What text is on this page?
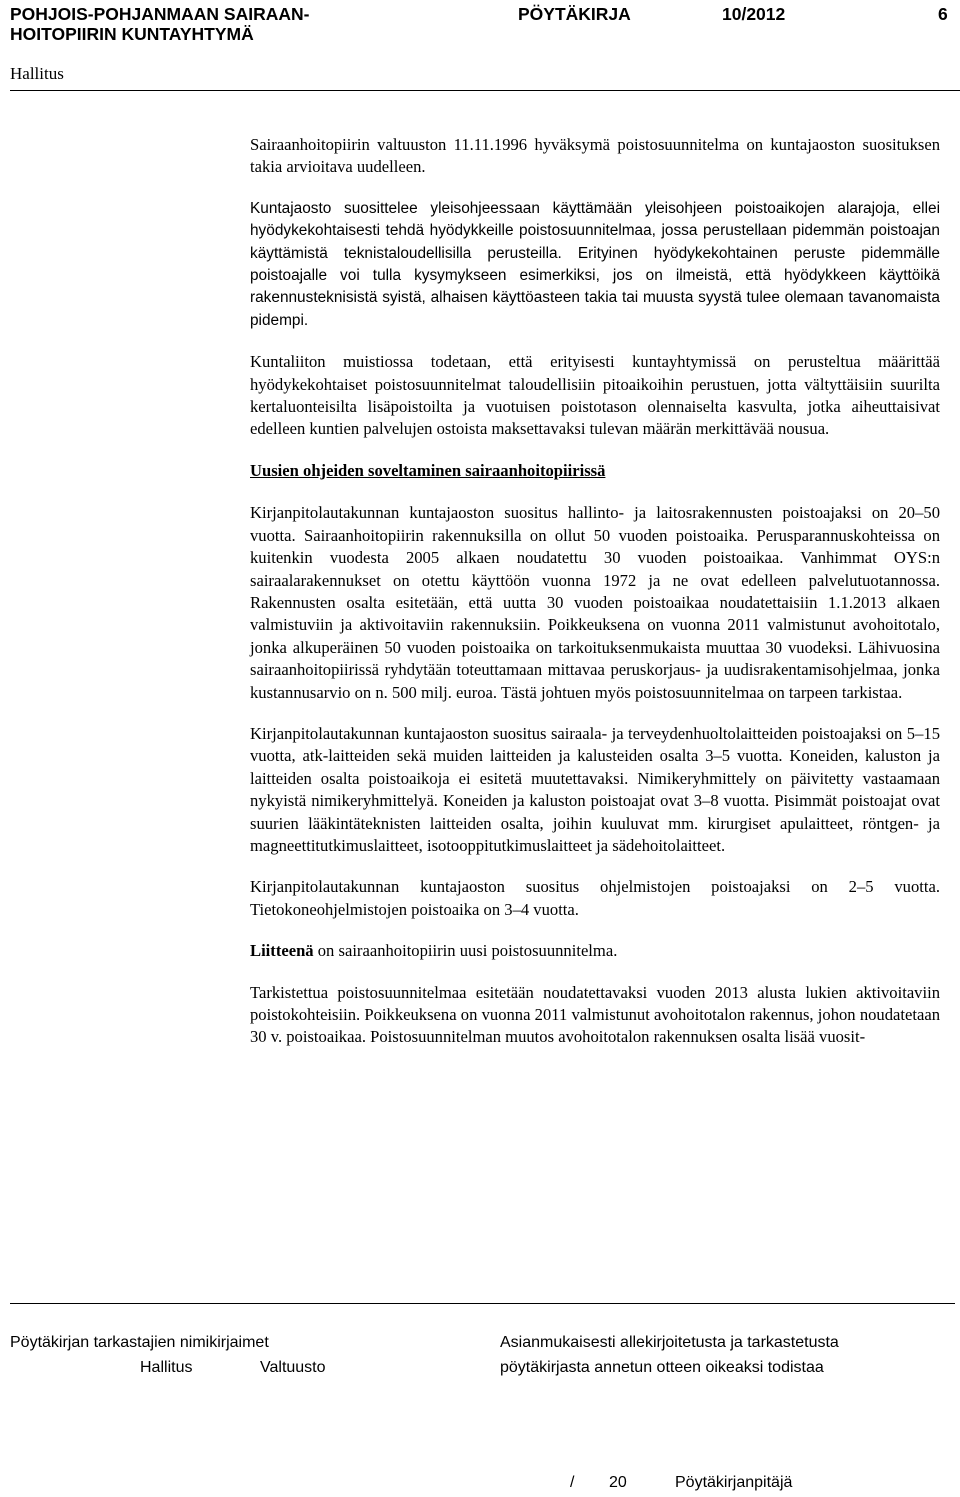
POHJOIS-POHJANMAAN SAIRAAN-
HOITOPIIRIN KUNTAYHTYMÄ
PÖYTÄKIRJA	10/2012	6
Hallitus

Sairaanhoitopiirin valtuuston 11.11.1996 hyväksymä poistosuunnitelma on kuntajaoston suosituksen takia arvioitava uudelleen.

Kuntajaosto suosittelee yleisohjeessaan käyttämään yleisohjeen poistoaikojen alarajoja, ellei hyödykekohtaisesti tehdä hyödykkeille poistosuunnitelmaa, jossa perustellaan pidemmän poistoajan käyttämistä teknistaloudellisilla perusteilla. Erityinen hyödykekohtainen peruste pidemmälle poistoajalle voi tulla kysymykseen esimerkiksi, jos on ilmeistä, että hyödykkeen käyttöikä rakennusteknisistä syistä, alhaisen käyttöasteen takia tai muusta syystä tulee olemaan tavanomaista pidempi.

Kuntaliiton muistiossa todetaan, että erityisesti kuntayhtymissä on perusteltua määrittää hyödykekohtaiset poistosuunnitelmat taloudellisiin pitoaikoihin perustuen, jotta vältyttäisiin suurilta kertaluonteisilta lisäpoistoilta ja vuotuisen poistotason olennaiselta kasvulta, jotka aiheuttaisivat edelleen kuntien palvelujen ostoista maksettavaksi tulevan määrän merkittävää nousua.

Uusien ohjeiden soveltaminen sairaanhoitopiirissä

Kirjanpitolautakunnan kuntajaoston suositus hallinto- ja laitosrakennusten poistoajaksi on 20–50 vuotta. Sairaanhoitopiirin rakennuksilla on ollut 50 vuoden poistoaika. Perusparannuskohteissa on kuitenkin vuodesta 2005 alkaen noudatettu 30 vuoden poistoaikaa. Vanhimmat OYS:n sairaalarakennukset on otettu käyttöön vuonna 1972 ja ne ovat edelleen palvelutuotannossa. Rakennusten osalta esitetään, että uutta 30 vuoden poistoaikaa noudatettaisiin 1.1.2013 alkaen valmistuviin ja aktivoitaviin rakennuksiin. Poikkeuksena on vuonna 2011 valmistunut avohoitotalo, jonka alkuperäinen 50 vuoden poistoaika on tarkoituksenmukaista muuttaa 30 vuodeksi. Lähivuosina sairaanhoitopiirissä ryhdytään toteuttamaan mittavaa peruskorjaus- ja uudisrakentamisohjelmaa, jonka kustannusarvio on n. 500 milj. euroa. Tästä johtuen myös poistosuunnitelmaa on tarpeen tarkistaa.

Kirjanpitolautakunnan kuntajaoston suositus sairaala- ja terveydenhuoltolaitteiden poistoajaksi on 5–15 vuotta, atk-laitteiden sekä muiden laitteiden ja kalusteiden osalta 3–5 vuotta. Koneiden, kaluston ja laitteiden osalta poistoaikoja ei esitetä muutettavaksi. Nimikeryhmittely on päivitetty vastaamaan nykyistä nimikeryhmittelyä. Koneiden ja kaluston poistoajat ovat 3–8 vuotta. Pisimmät poistoajat ovat suurien lääkintäteknisten laitteiden osalta, joihin kuuluvat mm. kirurgiset apulaitteet, röntgen- ja magneettitutkimuslaitteet, isotooppitutkimuslaitteet ja sädehoitolaitteet.

Kirjanpitolautakunnan kuntajaoston suositus ohjelmistojen poistoajaksi on 2–5 vuotta. Tietokoneohjelmistojen poistoaika on 3–4 vuotta.

Liitteenä on sairaanhoitopiirin uusi poistosuunnitelma.

Tarkistettua poistosuunnitelmaa esitetään noudatettavaksi vuoden 2013 alusta lukien aktivoitaviin poistokohteisiin. Poikkeuksena on vuonna 2011 valmistunut avohoitotalon rakennus, johon noudatetaan 30 v. poistoaikaa. Poistosuunnitelman muutos avohoitotalon rakennuksen osalta lisää vuosit-

Pöytäkirjan tarkastajien nimikirjaimet
Hallitus	Valtuusto
Asianmukaisesti allekirjoitetusta ja tarkastetusta
pöytäkirjasta annetun otteen oikeaksi todistaa
/ 20	Pöytäkirjanpitäjä
